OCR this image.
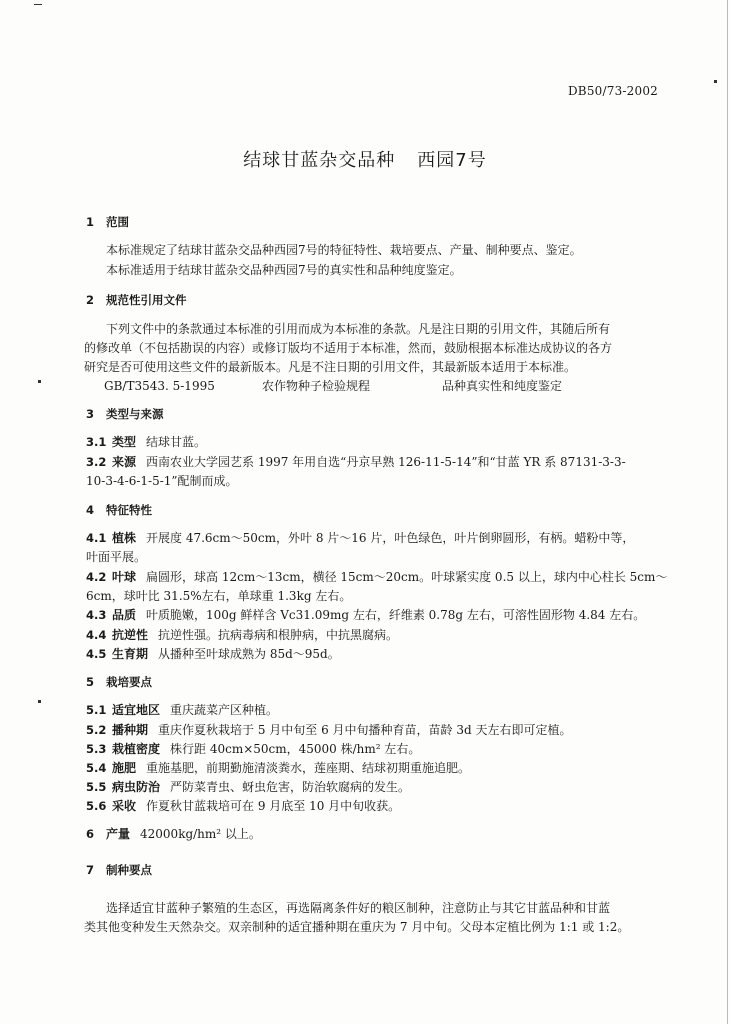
DB50/73-2002
结球甘蓝杂交品种 西园7号
1 范围
本标准规定了结球甘蓝杂交品种西园7号的特征特性、栽培要点、产量、制种要点、鉴定。
本标准适用于结球甘蓝杂交品种西园7号的真实性和品种纯度鉴定。
2 规范性引用文件
下列文件中的条款通过本标准的引用而成为本标准的条款。凡是注日期的引用文件，其随后所有
的修改单（不包括勘误的内容）或修订版均不适用于本标准，然而，鼓励根据本标准达成协议的各方
研究是否可使用这些文件的最新版本。凡是不注日期的引用文件，其最新版本适用于本标准。
GB/T3543. 5-1995	农作物种子检验规程	品种真实性和纯度鉴定
3 类型与来源
3.1 类型 结球甘蓝。
3.2 来源 西南农业大学园艺系 1997 年用自选“丹京早熟 126-11-5-14”和“甘蓝 YR 系 87131-3-3-
10-3-4-6-1-5-1”配制而成。
4 特征特性
4.1 植株 开展度 47.6cm～50cm，外叶 8 片～16 片，叶色绿色，叶片倒卵圆形，有柄。蜡粉中等，
叶面平展。
4.2 叶球 扁圆形，球高 12cm～13cm，横径 15cm～20cm。叶球紧实度 0.5 以上，球内中心柱长 5cm～
6cm，球叶比 31.5%左右，单球重 1.3kg 左右。
4.3 品质 叶质脆嫩，100g 鲜样含 Vc31.09mg 左右，纤维素 0.78g 左右，可溶性固形物 4.84 左右。
4.4 抗逆性 抗逆性强。抗病毒病和根肿病，中抗黑腐病。
4.5 生育期 从播种至叶球成熟为 85d～95d。
5 栽培要点
5.1 适宜地区 重庆蔬菜产区种植。
5.2 播种期 重庆作夏秋栽培于 5 月中旬至 6 月中旬播种育苗，苗龄 3d 天左右即可定植。
5.3 栽植密度 株行距 40cm×50cm，45000 株/hm² 左右。
5.4 施肥 重施基肥，前期勤施清淡粪水，莲座期、结球初期重施追肥。
5.5 病虫防治 严防菜青虫、蚜虫危害，防治软腐病的发生。
5.6 采收 作夏秋甘蓝栽培可在 9 月底至 10 月中旬收获。
6 产量 42000kg/hm² 以上。
7 制种要点
选择适宜甘蓝种子繁殖的生态区，再选隔离条件好的粮区制种，注意防止与其它甘蓝品种和甘蓝
类其他变种发生天然杂交。双亲制种的适宜播种期在重庆为 7 月中旬。父母本定植比例为 1:1 或 1:2。
